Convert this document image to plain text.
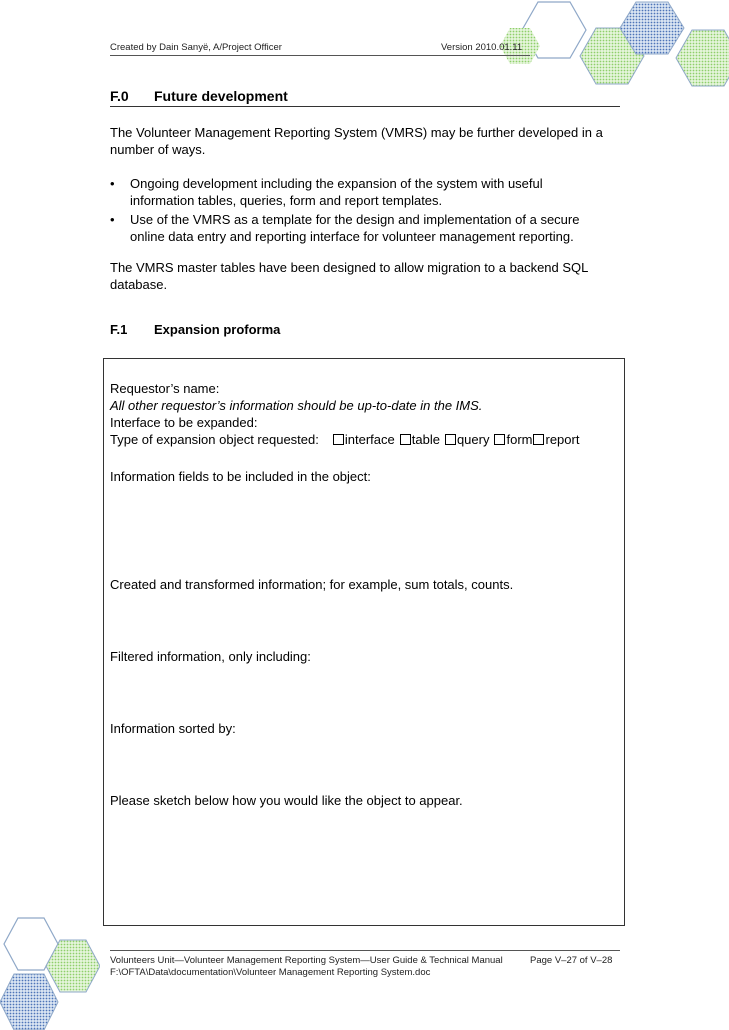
Created by Dain Sanyë, A/Project Officer	Version 2010.01.11
F.0 Future development
The Volunteer Management Reporting System (VMRS) may be further developed in a number of ways.
• Ongoing development including the expansion of the system with useful information tables, queries, form and report templates.
• Use of the VMRS as a template for the design and implementation of a secure online data entry and reporting interface for volunteer management reporting.
The VMRS master tables have been designed to allow migration to a backend SQL database.
F.1 Expansion proforma
Requestor’s name:
All other requestor’s information should be up-to-date in the IMS.
Interface to be expanded:
Type of expansion object requested: interface table query form report
Information fields to be included in the object:
Created and transformed information; for example, sum totals, counts.
Filtered information, only including:
Information sorted by:
Please sketch below how you would like the object to appear.
Volunteers Unit—Volunteer Management Reporting System—User Guide & Technical Manual	Page V–27 of V–28
F:\OFTA\Data\documentation\Volunteer Management Reporting System.doc
